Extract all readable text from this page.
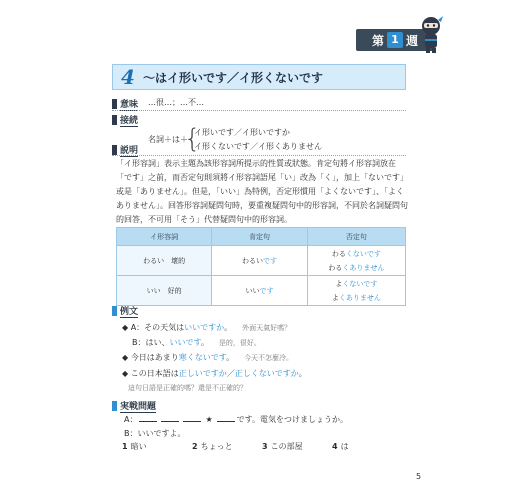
第 1 週
4 〜はイ形いです／イ形くないです
意味 …很…；…不…
接続
名詞＋は＋
{
イ形いです／イ形いですか
イ形くないです／イ形くありません
説明
「イ形容詞」表示主題為該形容詞所提示的性質或狀態。肯定句將イ形容詞放在「です」之前，而否定句則須將イ形容詞語尾「い」改為「く」，加上「ないです」或是「ありません」。但是，「いい」為特例，否定形慣用「よくないです」、「よくありません」。回答形容詞疑問句時，要重複疑問句中的形容詞，不同於名詞疑問句的回答，不可用「そう」代替疑問句中的形容詞。
イ形容詞	肯定句	否定句
わるい　壞的	わるいです	わるくないです
わるくありません

いい　好的	いいです	よくないです
よくありません
例文
◆ A：その天気はいいですか。 外面天氣好嗎？
B：はい、いいです。 是的，很好。
◆ 今日はあまり寒くないです。 今天不怎麼冷。
◆ この日本語は正しいですか／正しくないですか。
這句日語是正確的嗎？還是不正確的？
実戦問題
A：	★	です。電気をつけましょうか。
B：いいですよ。
1 暗い	2 ちょっと	3 この部屋	4 は
5
